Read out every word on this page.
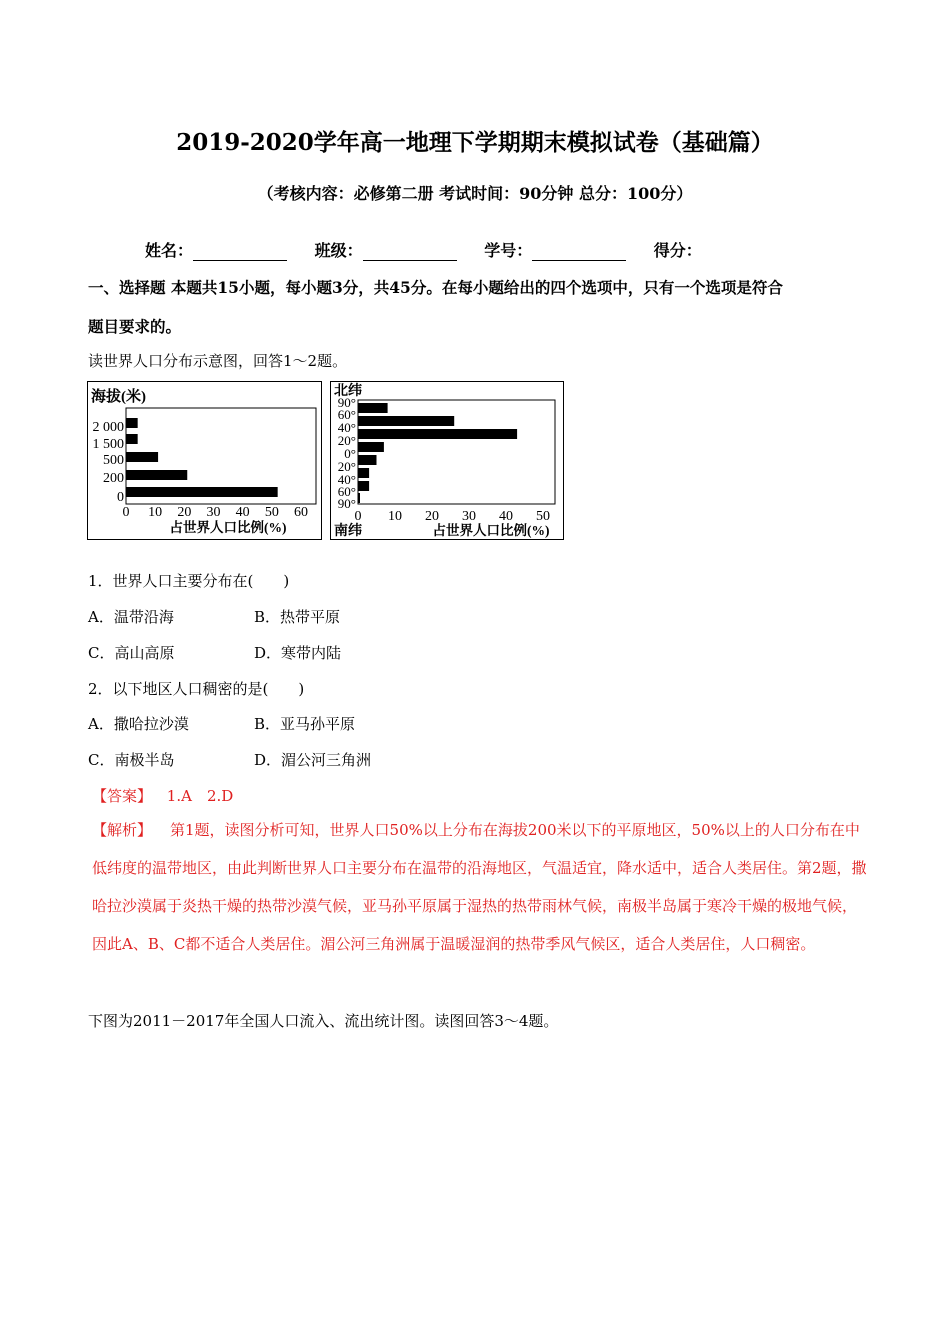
2019-2020学年高一地理下学期期末模拟试卷（基础篇）
（考核内容：必修第二册 考试时间：90分钟 总分：100分）
姓名：	班级：	学号：	得分：
一、选择题 本题共15小题，每小题3分，共45分。在每小题给出的四个选项中，只有一个选项是符合
题目要求的。
读世界人口分布示意图，回答1～2题。
海拔(米)
2 000
1 500
500
200
0
0 10 20 30 40 50 60
占世界人口比例(%)
北纬
90°
60°
40°
20°
0°
20°
40°
60°
90°
0 10 20 30 40 50
南纬	占世界人口比例(%)
1．世界人口主要分布在(　　)
A．温带沿海	B．热带平原
C．高山高原	D．寒带内陆
2．以下地区人口稠密的是(　　)
A．撒哈拉沙漠	B．亚马孙平原
C．南极半岛	D．湄公河三角洲
【答案】 1.A　2.D
【解析】 第1题，读图分析可知，世界人口50%以上分布在海拔200米以下的平原地区，50%以上的人口分布在中低纬度的温带地区，由此判断世界人口主要分布在温带的沿海地区，气温适宜，降水适中，适合人类居住。第2题，撒哈拉沙漠属于炎热干燥的热带沙漠气候，亚马孙平原属于湿热的热带雨林气候，南极半岛属于寒冷干燥的极地气候，因此A、B、C都不适合人类居住。湄公河三角洲属于温暖湿润的热带季风气候区，适合人类居住，人口稠密。
下图为2011－2017年全国人口流入、流出统计图。读图回答3～4题。
